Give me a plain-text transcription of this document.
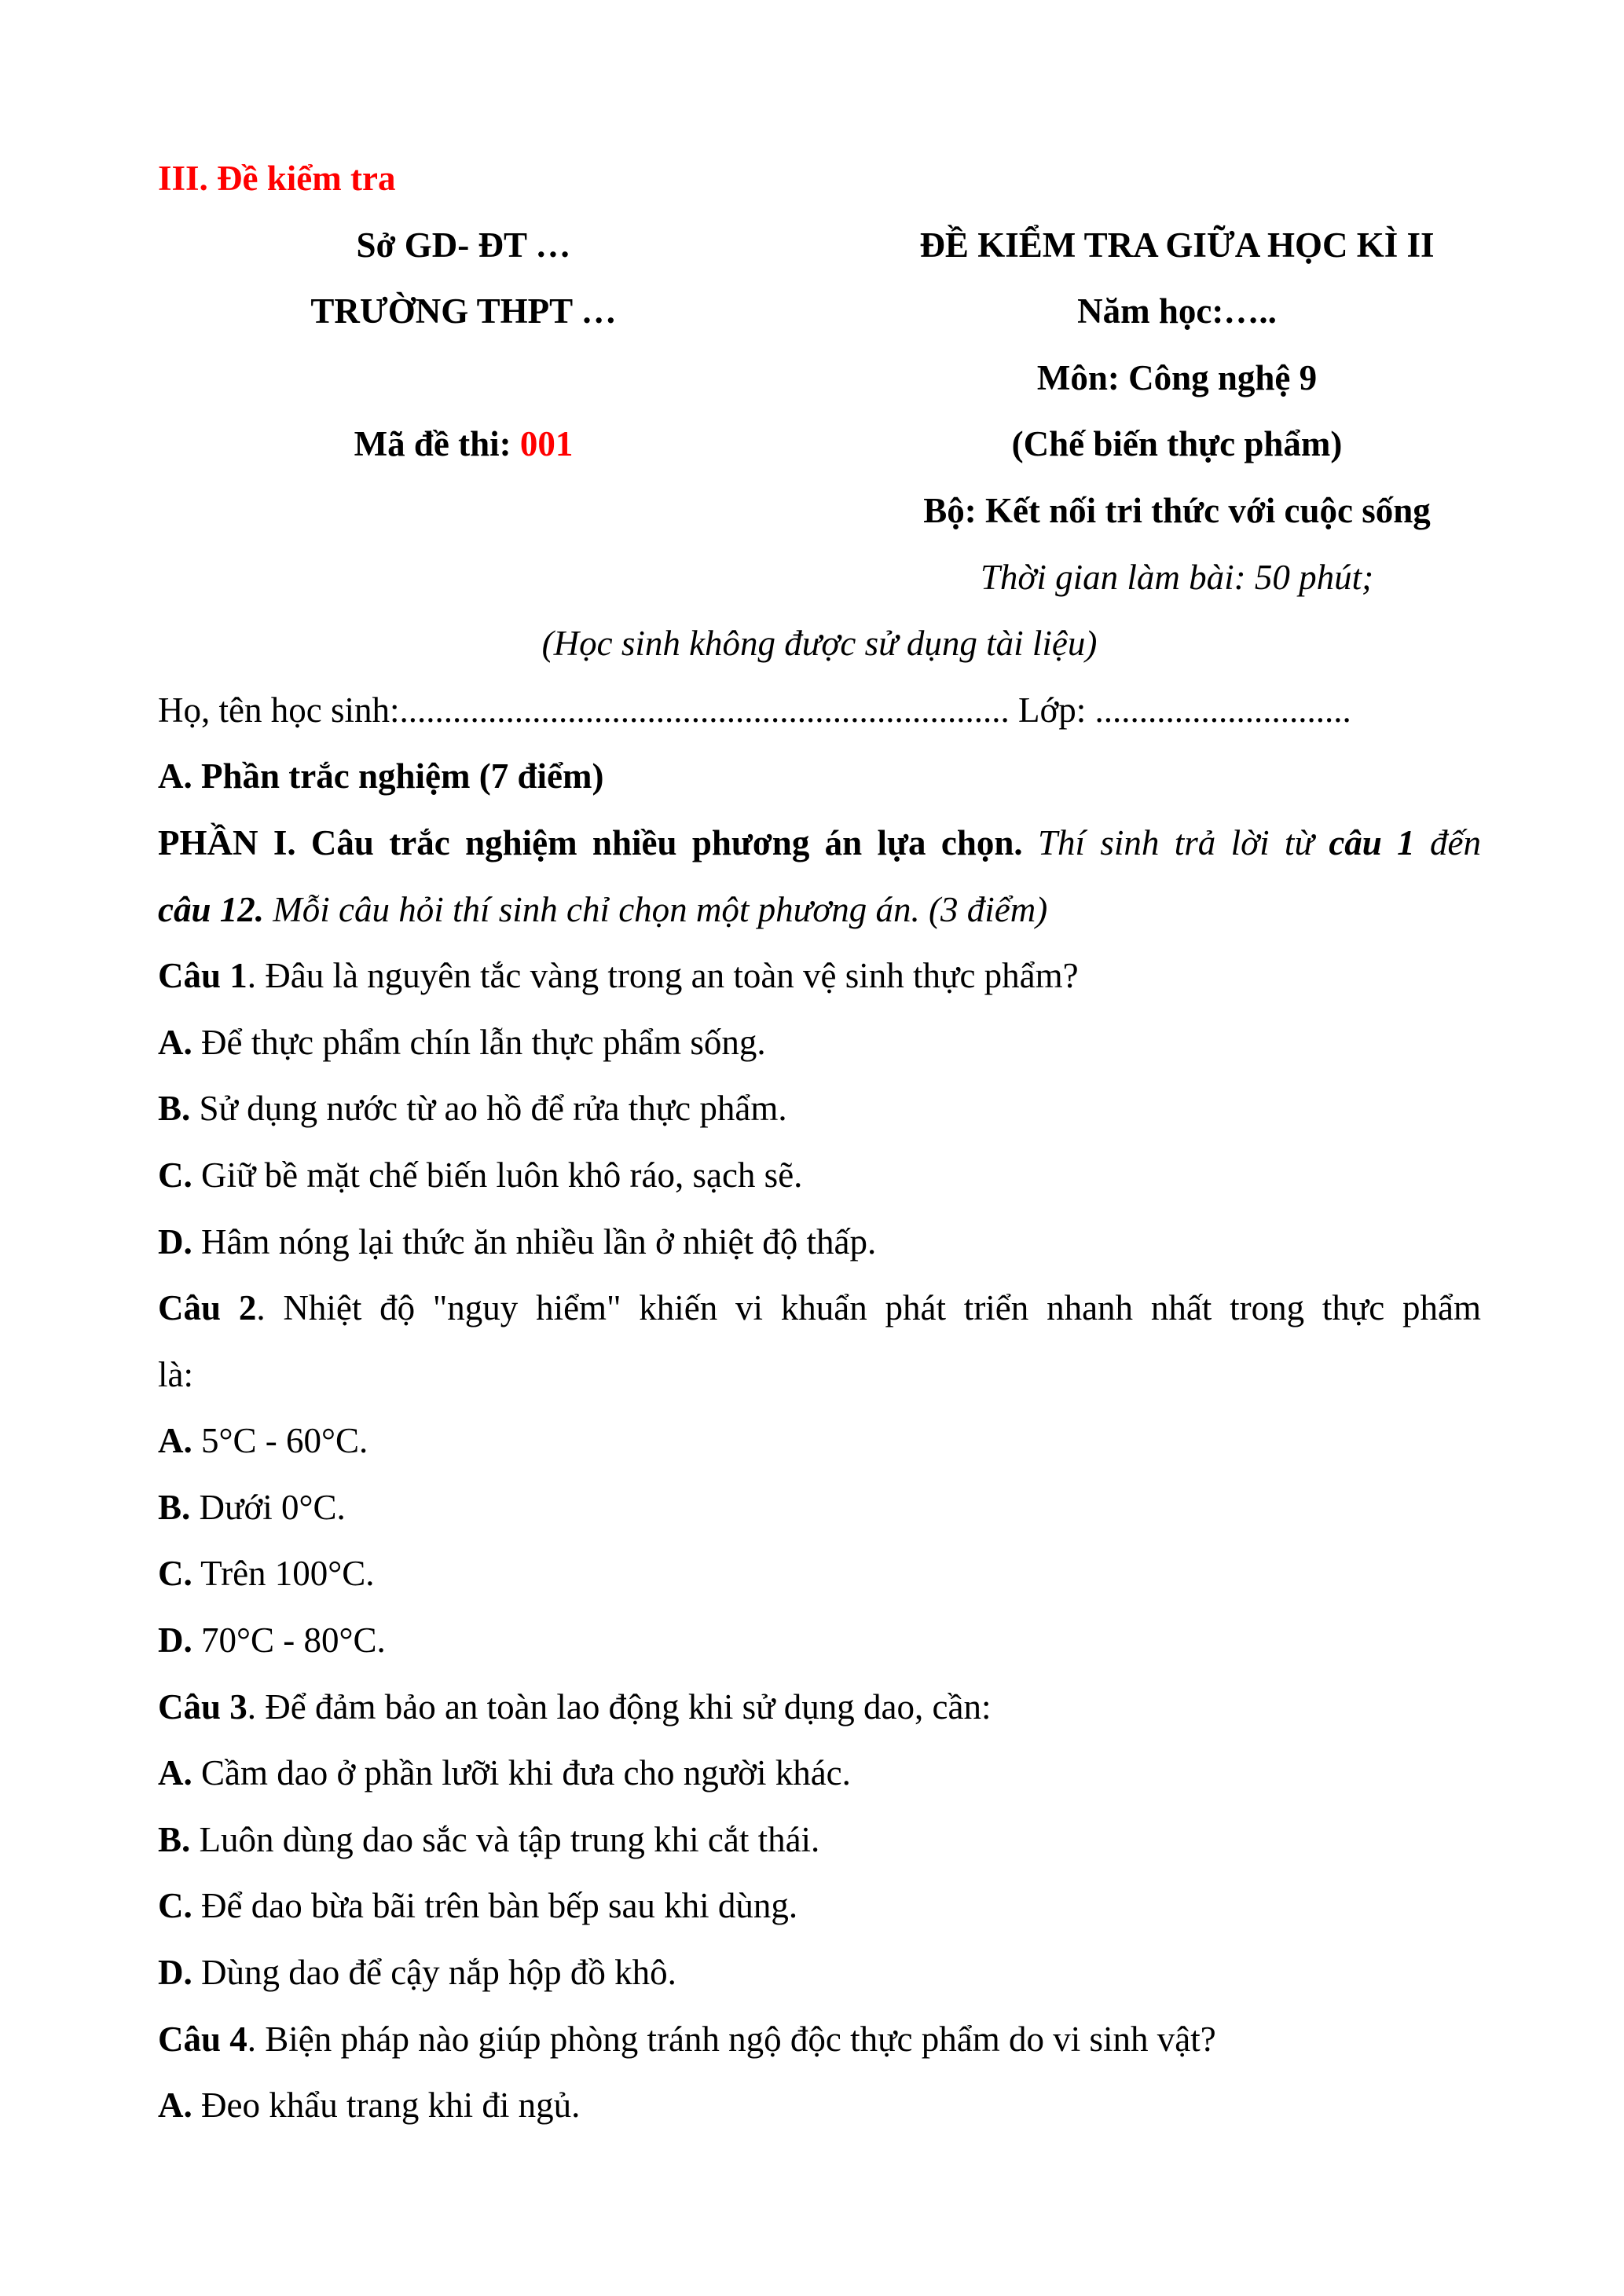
III. Đề kiểm tra
Sở GD- ĐT …	ĐỀ KIỂM TRA GIỮA HỌC KÌ II
TRƯỜNG THPT …	Năm học:…..
Môn: Công nghệ 9
Mã đề thi: 001	(Chế biến thực phẩm)
Bộ: Kết nối tri thức với cuộc sống
Thời gian làm bài: 50 phút;
(Học sinh không được sử dụng tài liệu)
Họ, tên học sinh:..................................................................... Lớp: .............................
A. Phần trắc nghiệm (7 điểm)
PHẦN I. Câu trắc nghiệm nhiều phương án lựa chọn. Thí sinh trả lời từ câu 1 đến
câu 12. Mỗi câu hỏi thí sinh chỉ chọn một phương án. (3 điểm)
Câu 1. Đâu là nguyên tắc vàng trong an toàn vệ sinh thực phẩm?
A. Để thực phẩm chín lẫn thực phẩm sống.
B. Sử dụng nước từ ao hồ để rửa thực phẩm.
C. Giữ bề mặt chế biến luôn khô ráo, sạch sẽ.
D. Hâm nóng lại thức ăn nhiều lần ở nhiệt độ thấp.
Câu 2. Nhiệt độ "nguy hiểm" khiến vi khuẩn phát triển nhanh nhất trong thực phẩm
là:
A. 5°C - 60°C.
B. Dưới 0°C.
C. Trên 100°C.
D. 70°C - 80°C.
Câu 3. Để đảm bảo an toàn lao động khi sử dụng dao, cần:
A. Cầm dao ở phần lưỡi khi đưa cho người khác.
B. Luôn dùng dao sắc và tập trung khi cắt thái.
C. Để dao bừa bãi trên bàn bếp sau khi dùng.
D. Dùng dao để cậy nắp hộp đồ khô.
Câu 4. Biện pháp nào giúp phòng tránh ngộ độc thực phẩm do vi sinh vật?
A. Đeo khẩu trang khi đi ngủ.
